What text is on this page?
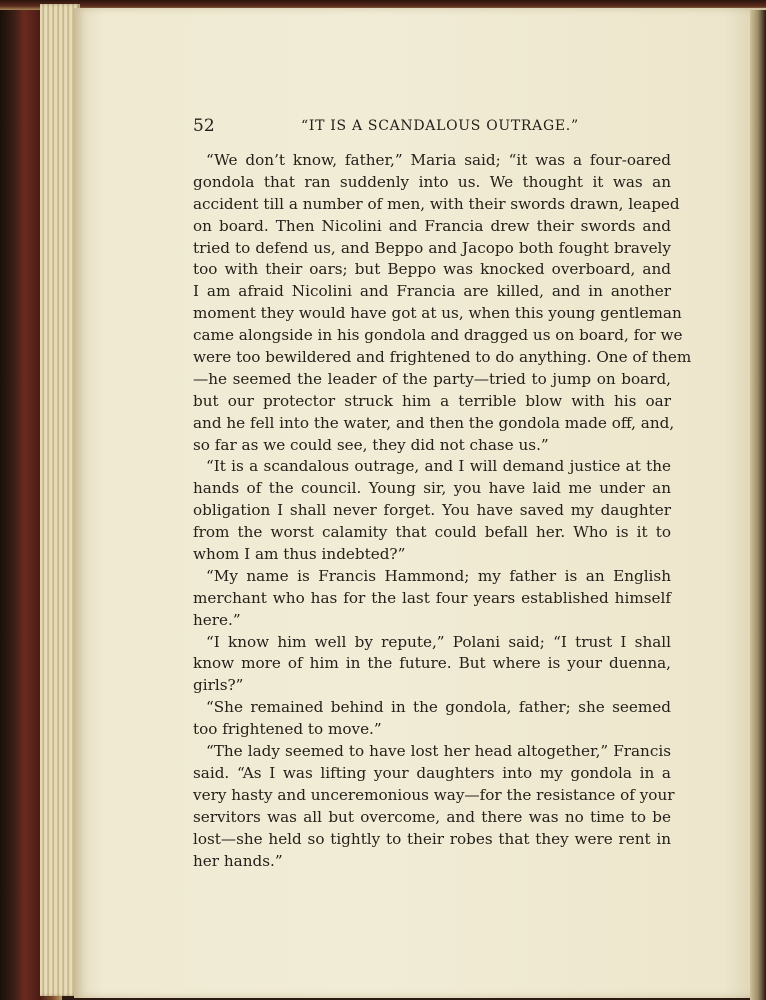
52	“IT IS A SCANDALOUS OUTRAGE.”
“We don’t know, father,” Maria said; “it was a four-oared
gondola that ran suddenly into us. We thought it was an
accident till a number of men, with their swords drawn, leaped
on board. Then Nicolini and Francia drew their swords and
tried to defend us, and Beppo and Jacopo both fought bravely
too with their oars; but Beppo was knocked overboard, and
I am afraid Nicolini and Francia are killed, and in another
moment they would have got at us, when this young gentleman
came alongside in his gondola and dragged us on board, for we
were too bewildered and frightened to do anything. One of them
—he seemed the leader of the party—tried to jump on board,
but our protector struck him a terrible blow with his oar
and he fell into the water, and then the gondola made off, and,
so far as we could see, they did not chase us.”
“It is a scandalous outrage, and I will demand justice at the
hands of the council. Young sir, you have laid me under an
obligation I shall never forget. You have saved my daughter
from the worst calamity that could befall her. Who is it to
whom I am thus indebted?”
“My name is Francis Hammond; my father is an English
merchant who has for the last four years established himself
here.”
“I know him well by repute,” Polani said; “I trust I shall
know more of him in the future. But where is your duenna,
girls?”
“She remained behind in the gondola, father; she seemed
too frightened to move.”
“The lady seemed to have lost her head altogether,” Francis
said. “As I was lifting your daughters into my gondola in a
very hasty and unceremonious way—for the resistance of your
servitors was all but overcome, and there was no time to be
lost—she held so tightly to their robes that they were rent in
her hands.”
